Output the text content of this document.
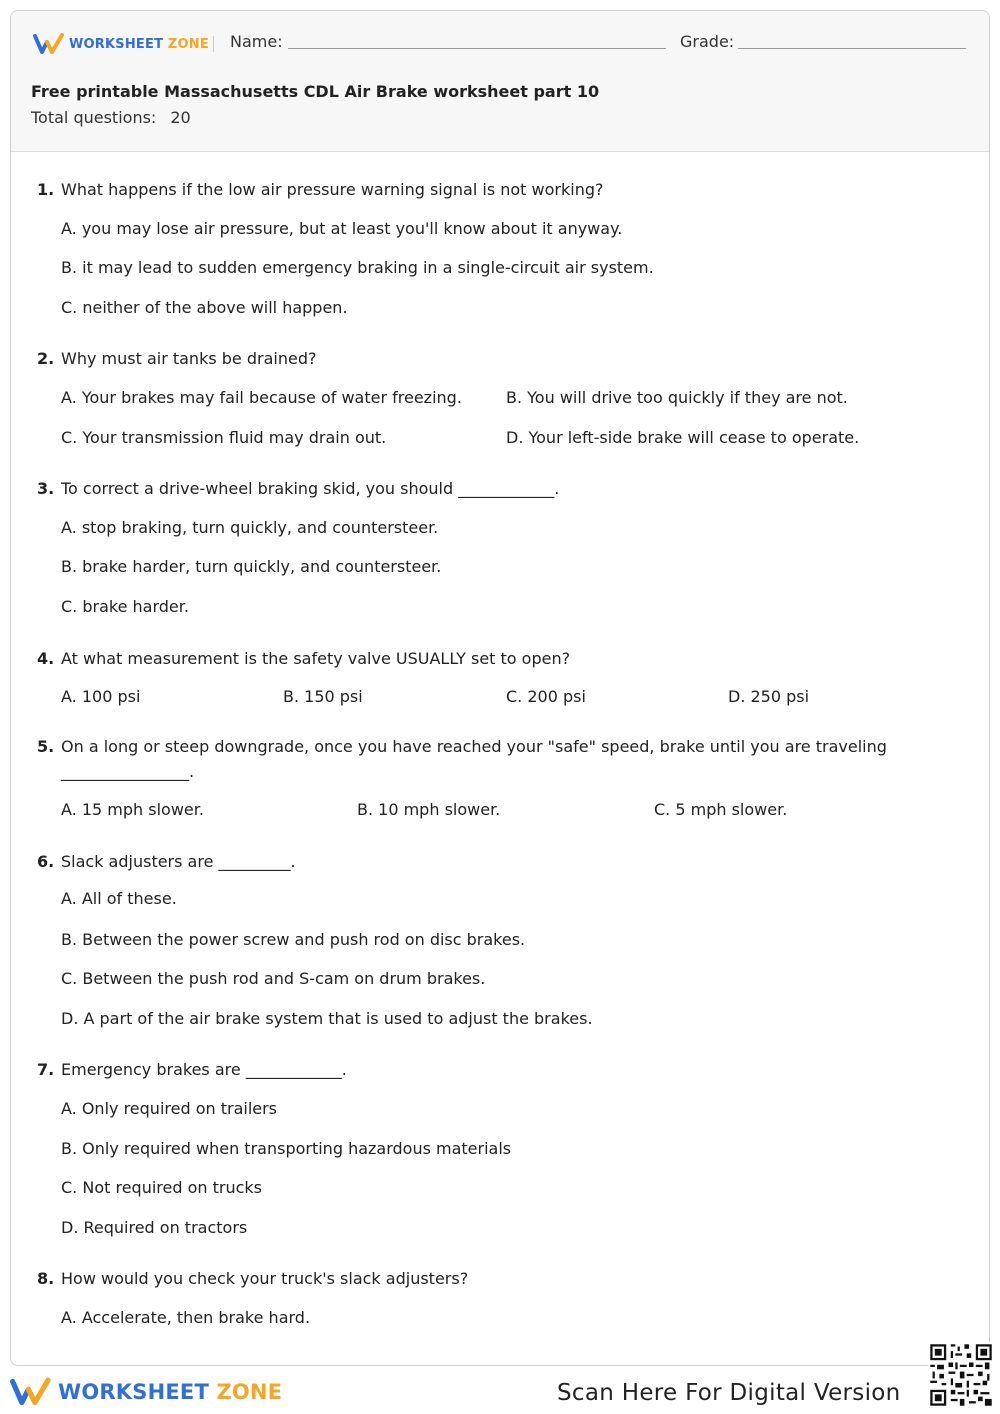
WORKSHEET ZONE Name:	Grade:
Free printable Massachusetts CDL Air Brake worksheet part 10
Total questions: 20
1. What happens if the low air pressure warning signal is not working?
A. you may lose air pressure, but at least you'll know about it anyway.
B. it may lead to sudden emergency braking in a single-circuit air system.
C. neither of the above will happen.
2. Why must air tanks be drained?
A. Your brakes may fail because of water freezing.	B. You will drive too quickly if they are not.
C. Your transmission fluid may drain out.	D. Your left-side brake will cease to operate.
3. To correct a drive-wheel braking skid, you should ____________.
A. stop braking, turn quickly, and countersteer.
B. brake harder, turn quickly, and countersteer.
C. brake harder.
4. At what measurement is the safety valve USUALLY set to open?
A. 100 psi	B. 150 psi	C. 200 psi	D. 250 psi
5. On a long or steep downgrade, once you have reached your "safe" speed, brake until you are traveling ________________.
A. 15 mph slower.	B. 10 mph slower.	C. 5 mph slower.
6. Slack adjusters are _________.
A. All of these.
B. Between the power screw and push rod on disc brakes.
C. Between the push rod and S-cam on drum brakes.
D. A part of the air brake system that is used to adjust the brakes.
7. Emergency brakes are ____________.
A. Only required on trailers
B. Only required when transporting hazardous materials
C. Not required on trucks
D. Required on tractors
8. How would you check your truck's slack adjusters?
A. Accelerate, then brake hard.
WORKSHEET ZONE	Scan Here For Digital Version
